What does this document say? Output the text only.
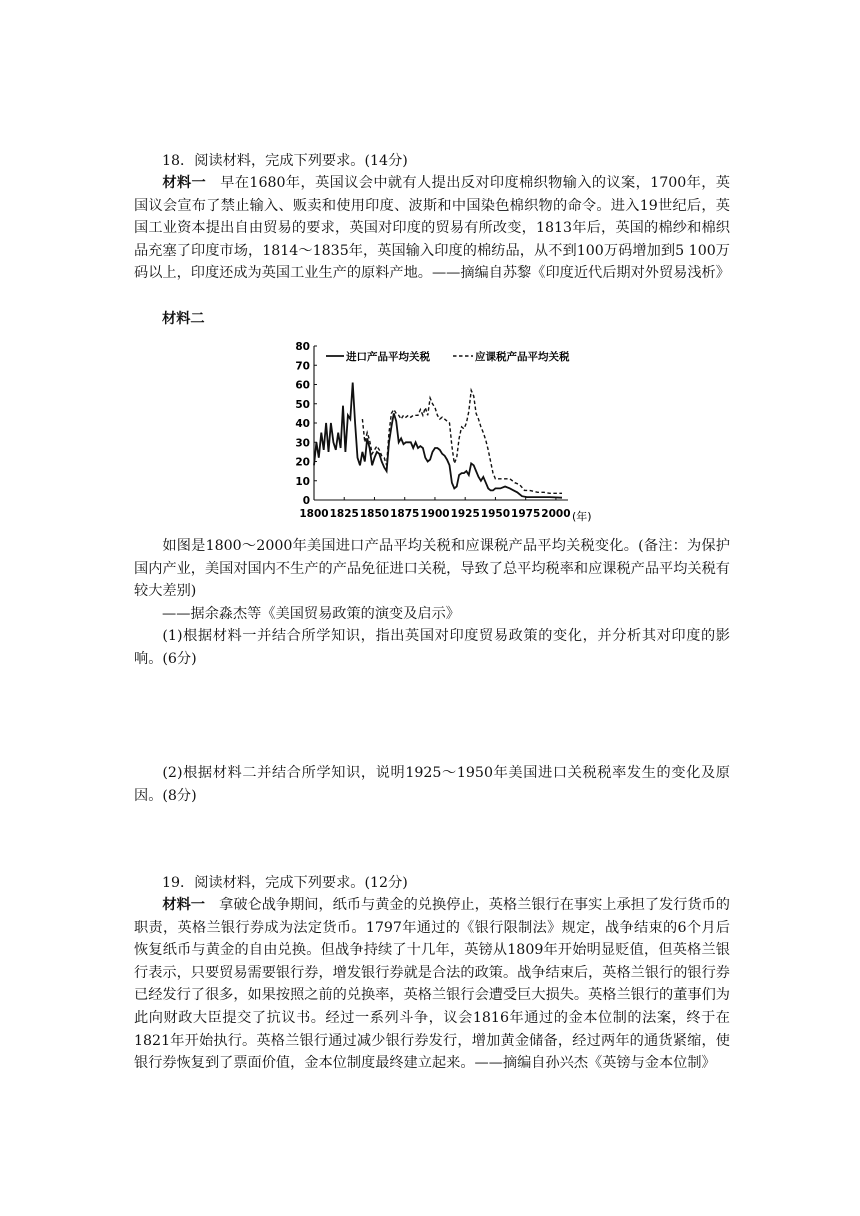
18．阅读材料，完成下列要求。(14分)

材料一 早在1680年，英国议会中就有人提出反对印度棉织物输入的议案，1700年，英国议会宣布了禁止输入、贩卖和使用印度、波斯和中国染色棉织物的命令。进入19世纪后，英国工业资本提出自由贸易的要求，英国对印度的贸易有所改变，1813年后，英国的棉纱和棉织品充塞了印度市场，1814～1835年，英国输入印度的棉纺品，从不到100万码增加到5 100万码以上，印度还成为英国工业生产的原料产地。——摘编自苏黎《印度近代后期对外贸易浅析》

材料二

0
10
20
30
40
50
60
70
80
1800 1825 1850 1875 1900 1925 1950 1975 2000
进口产品平均关税	应课税产品平均关税
(年)

如图是1800～2000年美国进口产品平均关税和应课税产品平均关税变化。(备注：为保护国内产业，美国对国内不生产的产品免征进口关税，导致了总平均税率和应课税产品平均关税有较大差别)

——据余淼杰等《美国贸易政策的演变及启示》

(1)根据材料一并结合所学知识，指出英国对印度贸易政策的变化，并分析其对印度的影响。(6分)

(2)根据材料二并结合所学知识，说明1925～1950年美国进口关税税率发生的变化及原因。(8分)

19．阅读材料，完成下列要求。(12分)

材料一 拿破仑战争期间，纸币与黄金的兑换停止，英格兰银行在事实上承担了发行货币的职责，英格兰银行券成为法定货币。1797年通过的《银行限制法》规定，战争结束的6个月后恢复纸币与黄金的自由兑换。但战争持续了十几年，英镑从1809年开始明显贬值，但英格兰银行表示，只要贸易需要银行券，增发银行券就是合法的政策。战争结束后，英格兰银行的银行券已经发行了很多，如果按照之前的兑换率，英格兰银行会遭受巨大损失。英格兰银行的董事们为此向财政大臣提交了抗议书。经过一系列斗争，议会1816年通过的金本位制的法案，终于在1821年开始执行。英格兰银行通过减少银行券发行，增加黄金储备，经过两年的通货紧缩，使银行券恢复到了票面价值，金本位制度最终建立起来。——摘编自孙兴杰《英镑与金本位制》
